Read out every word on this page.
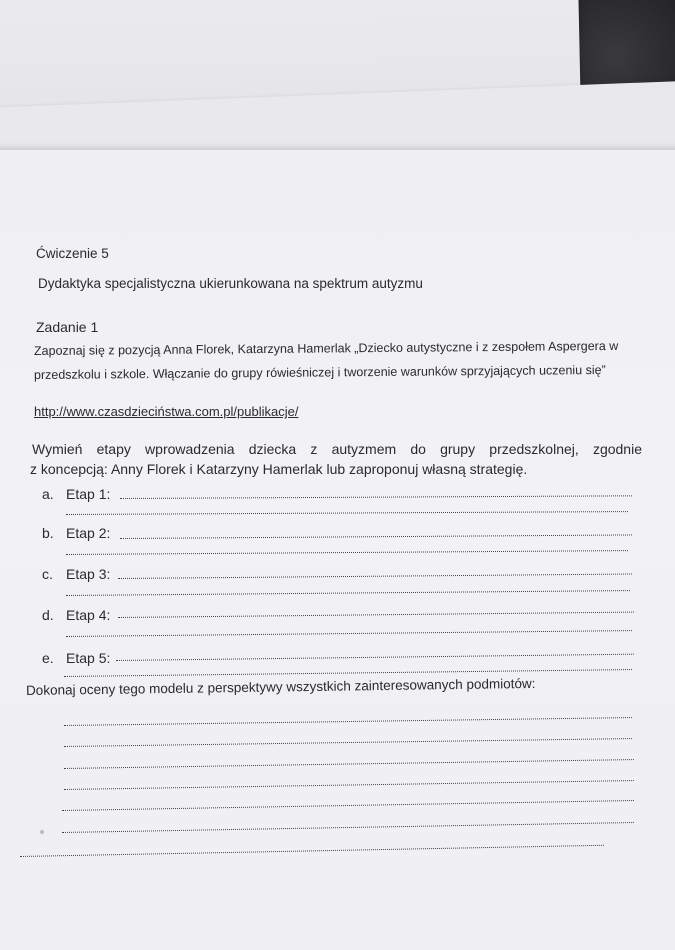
Ćwiczenie 5
Dydaktyka specjalistyczna ukierunkowana na spektrum autyzmu
Zadanie 1
Zapoznaj się z pozycją Anna Florek, Katarzyna Hamerlak „Dziecko autystyczne i z zespołem Aspergera w
przedszkolu i szkole. Włączanie do grupy rówieśniczej i tworzenie warunków sprzyjających uczeniu się”
http://www.czasdzieciństwa.com.pl/publikacje/
Wymień etapy wprowadzenia dziecka z autyzmem do grupy przedszkolnej, zgodnie
z koncepcją: Anny Florek i Katarzyny Hamerlak lub zaproponuj własną strategię.
a. Etap 1:
b. Etap 2:
c. Etap 3:
d. Etap 4:
e. Etap 5:
Dokonaj oceny tego modelu z perspektywy wszystkich zainteresowanych podmiotów:
